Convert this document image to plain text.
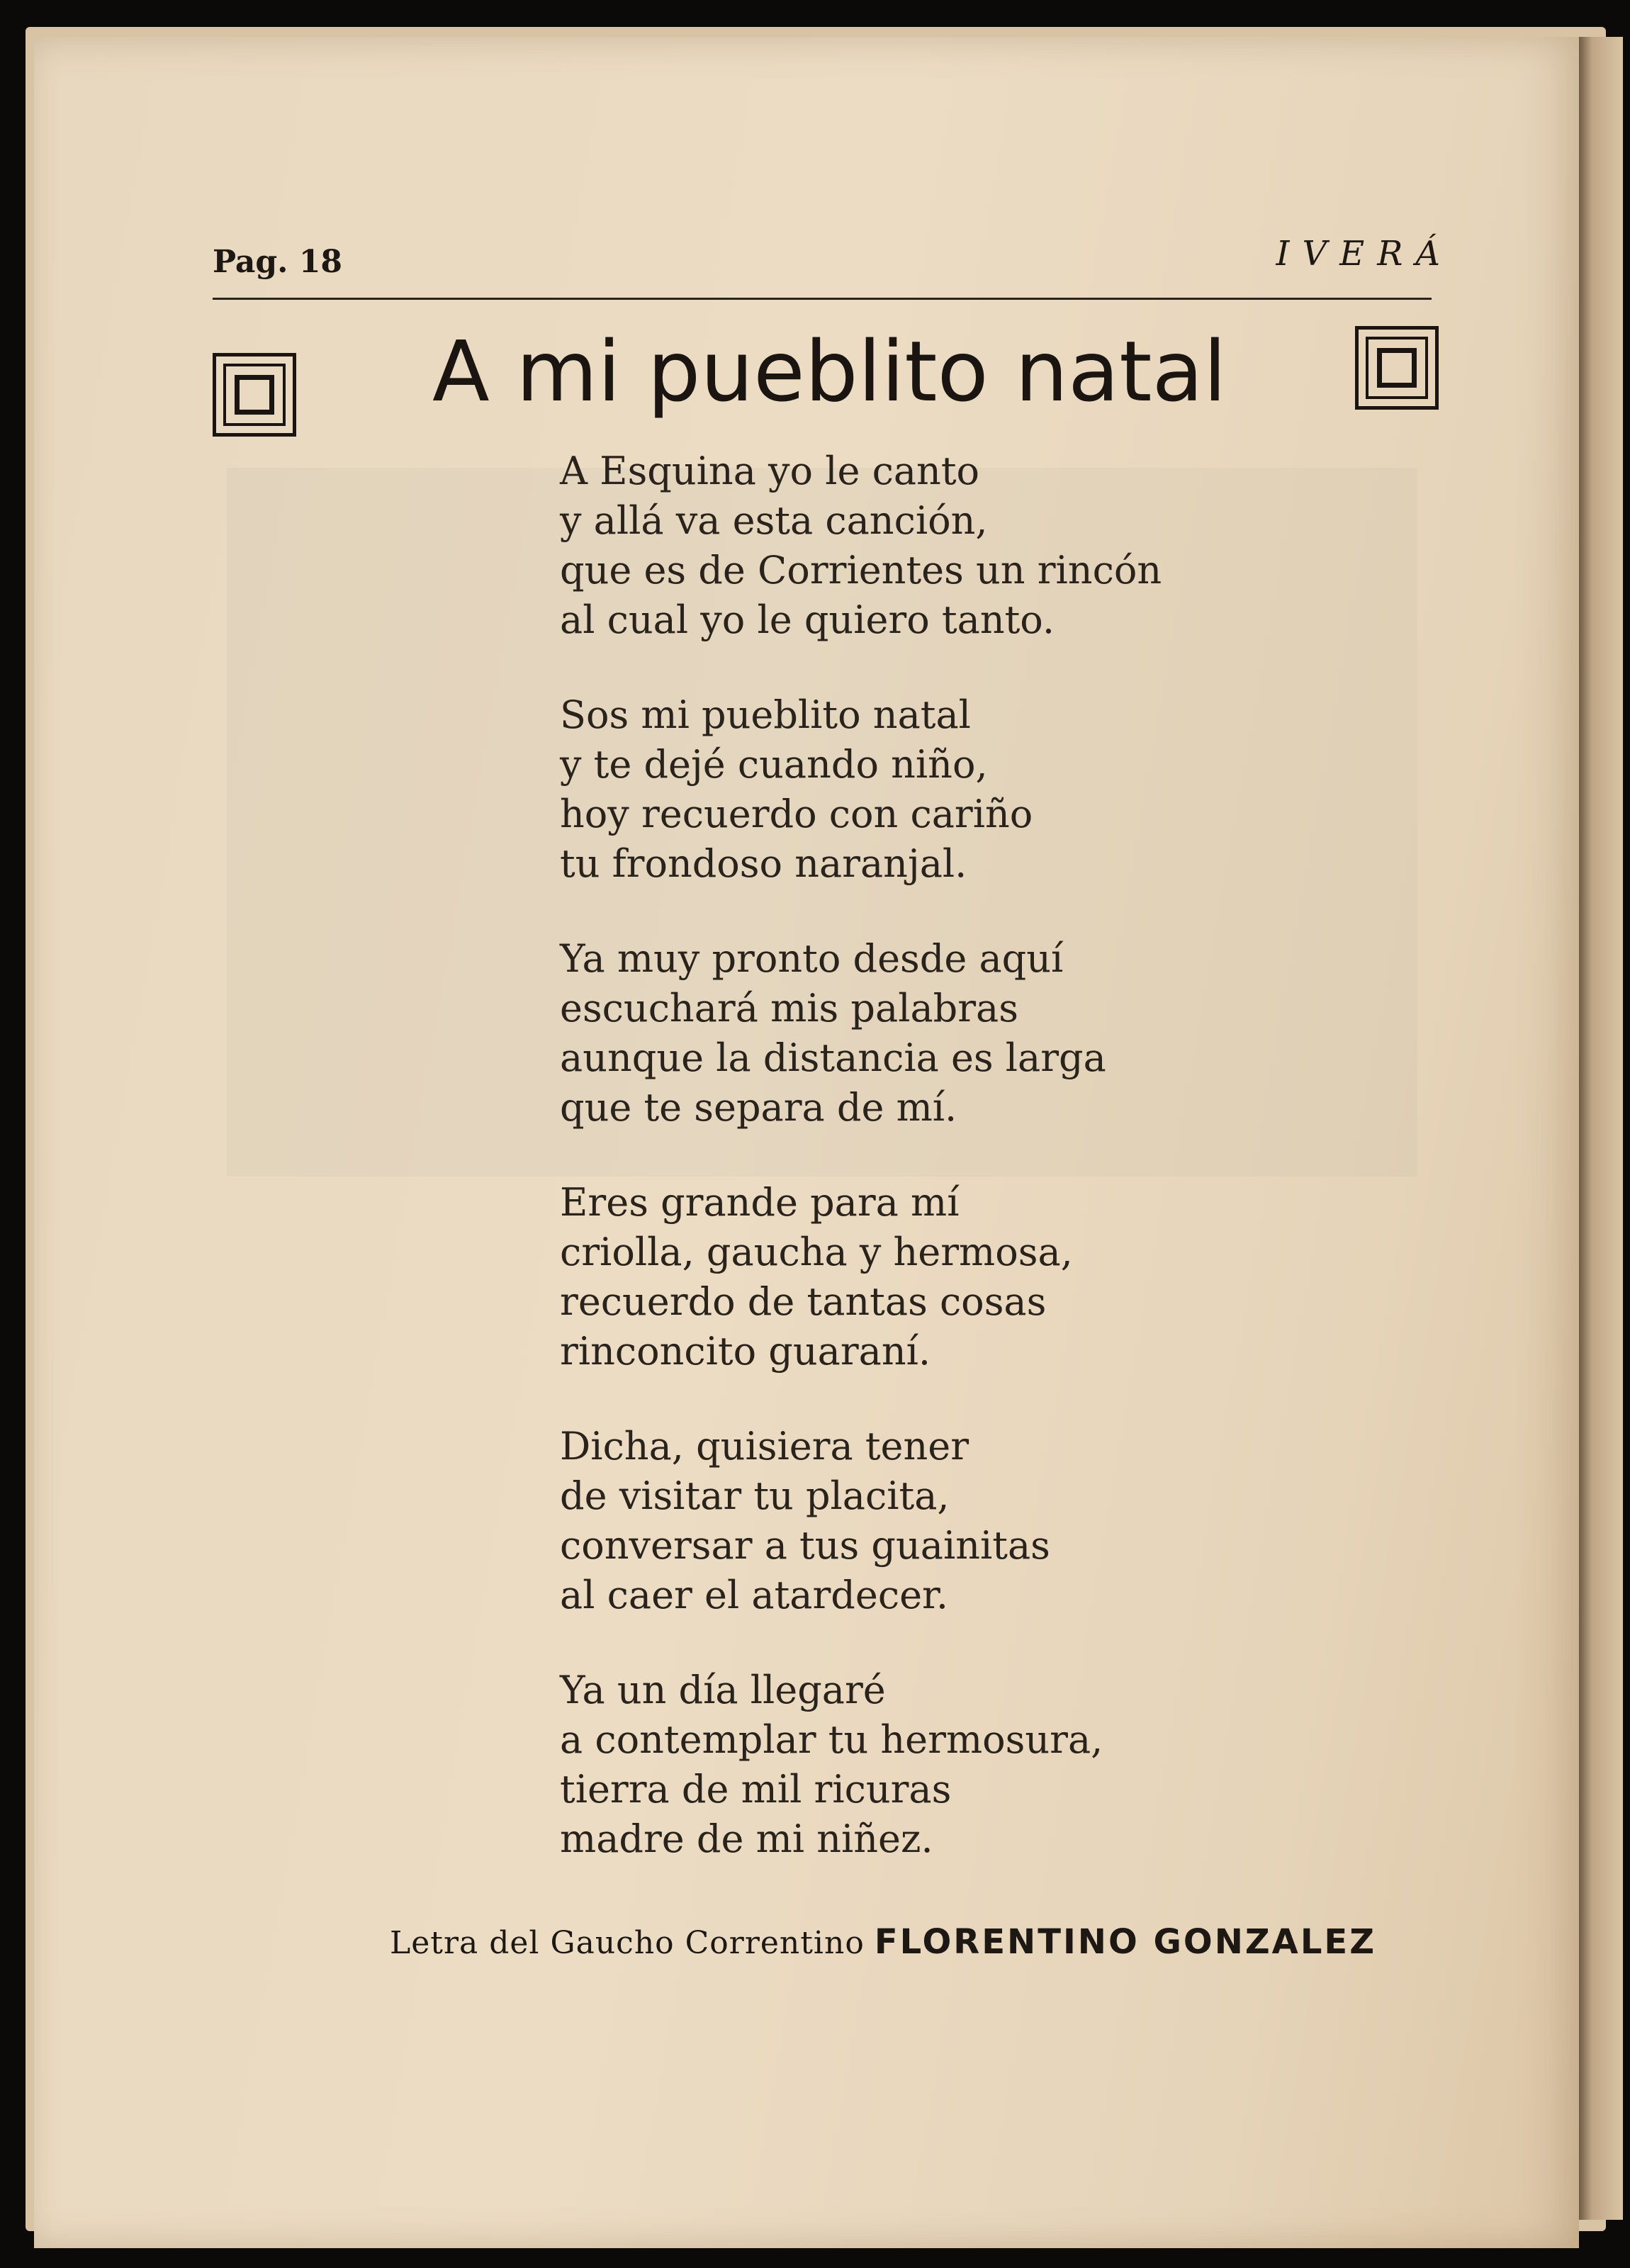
Pag. 18	IVERÁ
A mi pueblito natal
A Esquina yo le canto
y allá va esta canción,
que es de Corrientes un rincón
al cual yo le quiero tanto.
Sos mi pueblito natal
y te dejé cuando niño,
hoy recuerdo con cariño
tu frondoso naranjal.
Ya muy pronto desde aquí
escuchará mis palabras
aunque la distancia es larga
que te separa de mí.
Eres grande para mí
criolla, gaucha y hermosa,
recuerdo de tantas cosas
rinconcito guaraní.
Dicha, quisiera tener
de visitar tu placita,
conversar a tus guainitas
al caer el atardecer.
Ya un día llegaré
a contemplar tu hermosura,
tierra de mil ricuras
madre de mi niñez.
Letra del Gaucho Correntino FLORENTINO GONZALEZ
